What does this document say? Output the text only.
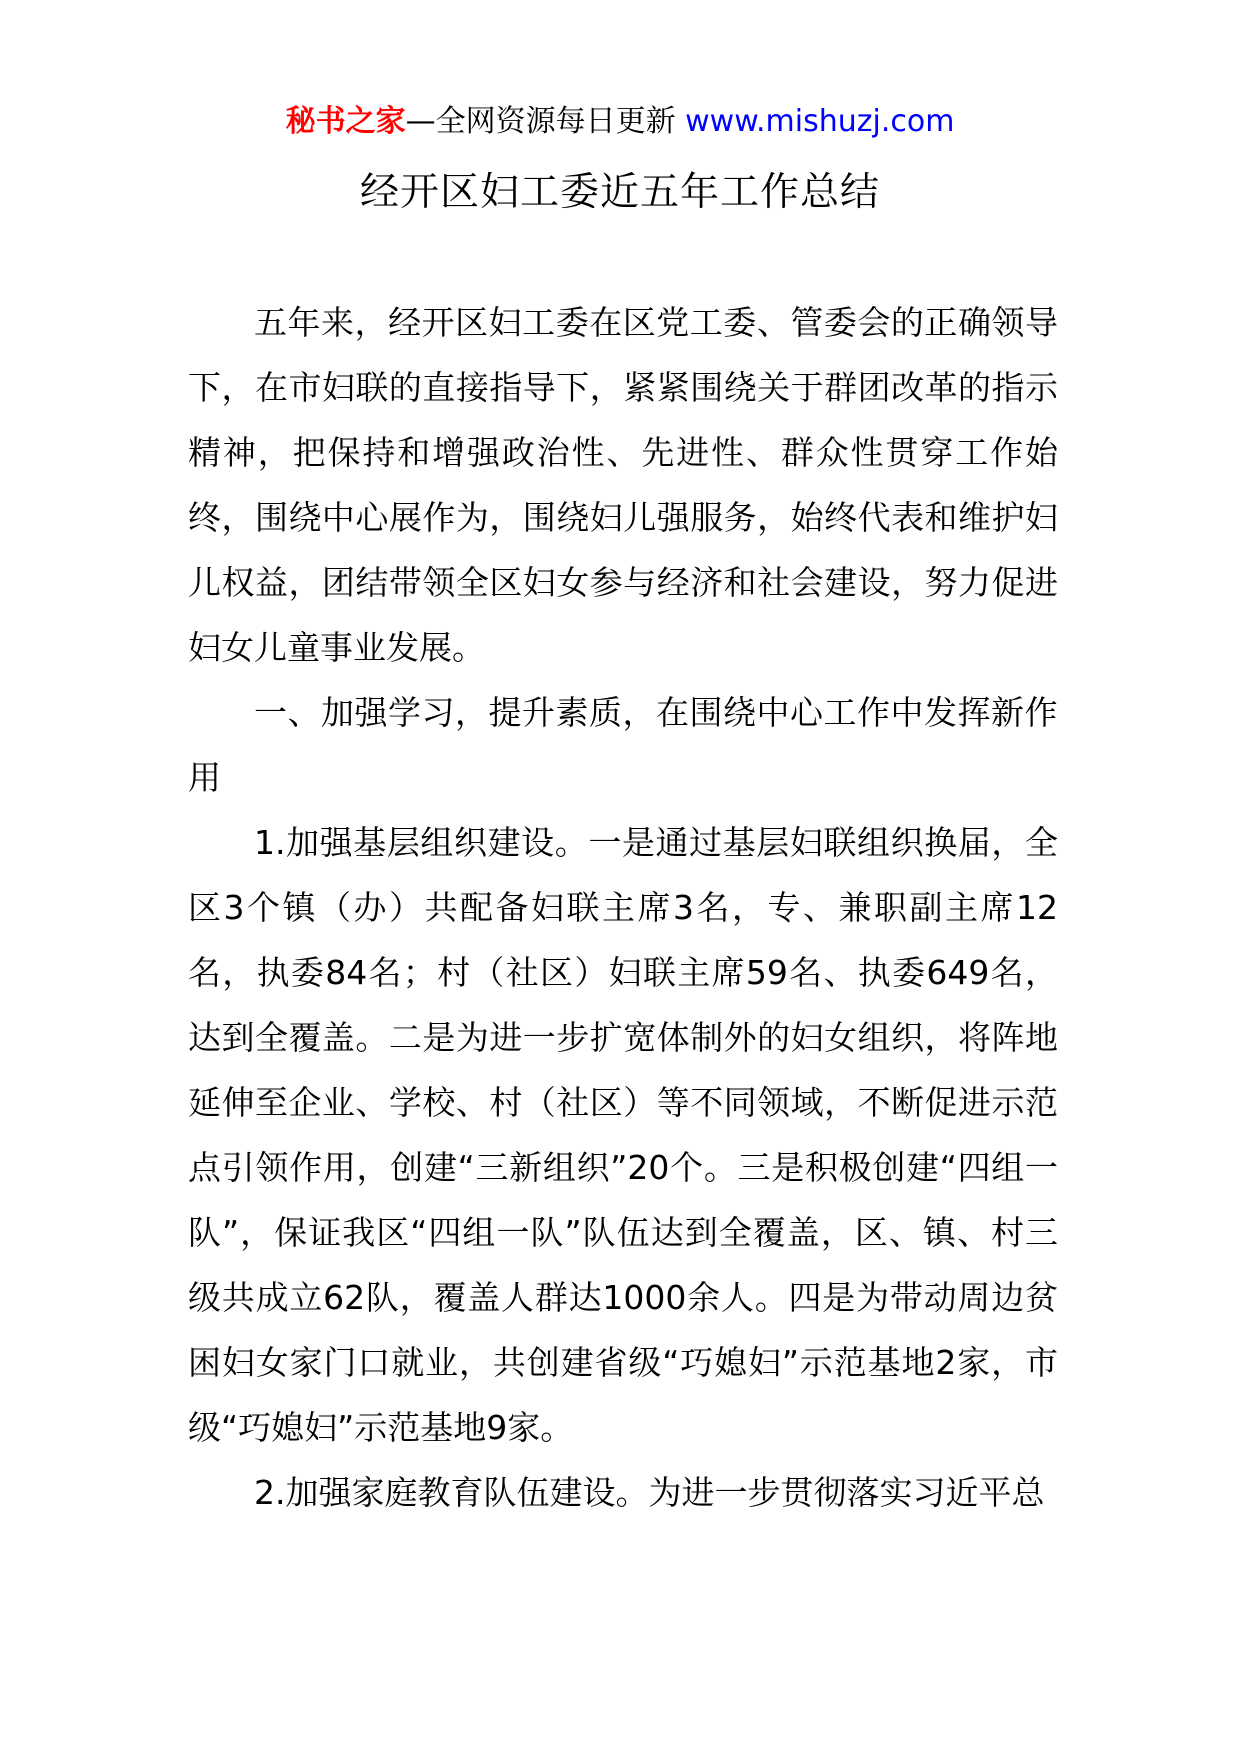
秘书之家—全网资源每日更新 www.mishuzj.com
经开区妇工委近五年工作总结

五年来，经开区妇工委在区党工委、管委会的正确领导下，在市妇联的直接指导下，紧紧围绕关于群团改革的指示精神，把保持和增强政治性、先进性、群众性贯穿工作始终，围绕中心展作为，围绕妇儿强服务，始终代表和维护妇儿权益，团结带领全区妇女参与经济和社会建设，努力促进妇女儿童事业发展。

一、加强学习，提升素质，在围绕中心工作中发挥新作用

1.加强基层组织建设。一是通过基层妇联组织换届，全区3个镇（办）共配备妇联主席3名，专、兼职副主席12名，执委84名；村（社区）妇联主席59名、执委649名，达到全覆盖。二是为进一步扩宽体制外的妇女组织，将阵地延伸至企业、学校、村（社区）等不同领域，不断促进示范点引领作用，创建“三新组织”20个。三是积极创建“四组一队”，保证我区“四组一队”队伍达到全覆盖，区、镇、村三级共成立62队，覆盖人群达1000余人。四是为带动周边贫困妇女家门口就业，共创建省级“巧媳妇”示范基地2家，市级“巧媳妇”示范基地9家。

2.加强家庭教育队伍建设。为进一步贯彻落实习近平总
